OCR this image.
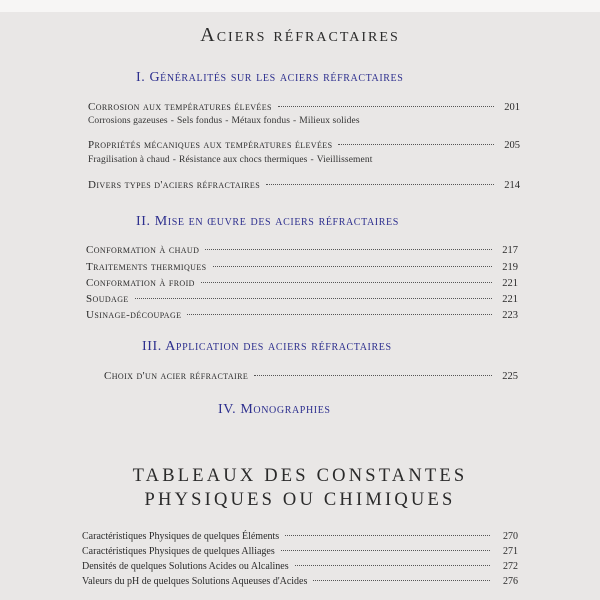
Aciers réfractaires
I. Généralités sur les aciers réfractaires
Corrosion aux températures élevées	201
Corrosions gazeuses - Sels fondus - Métaux fondus - Milieux solides
Propriétés mécaniques aux températures élevées	205
Fragilisation à chaud - Résistance aux chocs thermiques - Vieillissement
Divers types d'aciers réfractaires	214
II. Mise en œuvre des aciers réfractaires
Conformation à chaud	217
Traitements thermiques	219
Conformation à froid	221
Soudage	221
Usinage-découpage	223
III. Application des aciers réfractaires
Choix d'un acier réfractaire	225
IV. Monographies
TABLEAUX DES CONSTANTES
PHYSIQUES OU CHIMIQUES
Caractéristiques Physiques de quelques Éléments	270
Caractéristiques Physiques de quelques Alliages	271
Densités de quelques Solutions Acides ou Alcalines	272
Valeurs du pH de quelques Solutions Aqueuses d'Acides	276
